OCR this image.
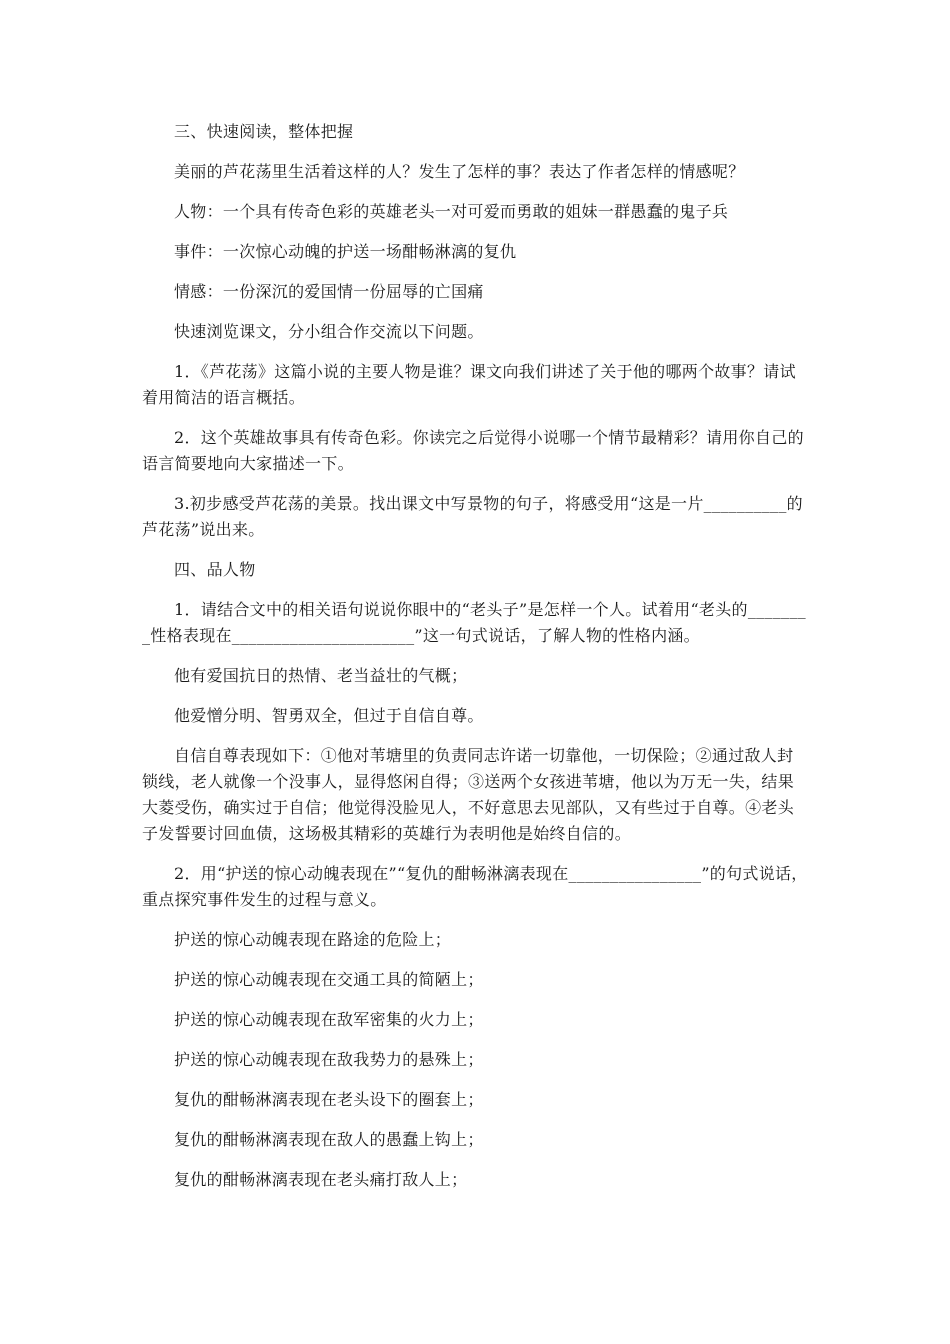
三、快速阅读，整体把握

美丽的芦花荡里生活着这样的人？发生了怎样的事？表达了作者怎样的情感呢？

人物：一个具有传奇色彩的英雄老头一对可爱而勇敢的姐妹一群愚蠢的鬼子兵

事件：一次惊心动魄的护送一场酣畅淋漓的复仇

情感：一份深沉的爱国情一份屈辱的亡国痛

快速浏览课文，分小组合作交流以下问题。

1．《芦花荡》这篇小说的主要人物是谁？课文向我们讲述了关于他的哪两个故事？请试着用简洁的语言概括。

2．这个英雄故事具有传奇色彩。你读完之后觉得小说哪一个情节最精彩？请用你自己的语言简要地向大家描述一下。

3.初步感受芦花荡的美景。找出课文中写景物的句子，将感受用“这是一片__________的芦花荡”说出来。

四、品人物

1．请结合文中的相关语句说说你眼中的“老头子”是怎样一个人。试着用“老头的________性格表现在______________________”这一句式说话，了解人物的性格内涵。

他有爱国抗日的热情、老当益壮的气概；

他爱憎分明、智勇双全，但过于自信自尊。

自信自尊表现如下：①他对苇塘里的负责同志许诺一切靠他，一切保险；②通过敌人封锁线，老人就像一个没事人，显得悠闲自得；③送两个女孩进苇塘，他以为万无一失，结果大菱受伤，确实过于自信；他觉得没脸见人，不好意思去见部队，又有些过于自尊。④老头子发誓要讨回血债，这场极其精彩的英雄行为表明他是始终自信的。

2．用“护送的惊心动魄表现在”“复仇的酣畅淋漓表现在________________”的句式说话，重点探究事件发生的过程与意义。

护送的惊心动魄表现在路途的危险上；

护送的惊心动魄表现在交通工具的简陋上；

护送的惊心动魄表现在敌军密集的火力上；

护送的惊心动魄表现在敌我势力的悬殊上；

复仇的酣畅淋漓表现在老头设下的圈套上；

复仇的酣畅淋漓表现在敌人的愚蠢上钩上；

复仇的酣畅淋漓表现在老头痛打敌人上；
